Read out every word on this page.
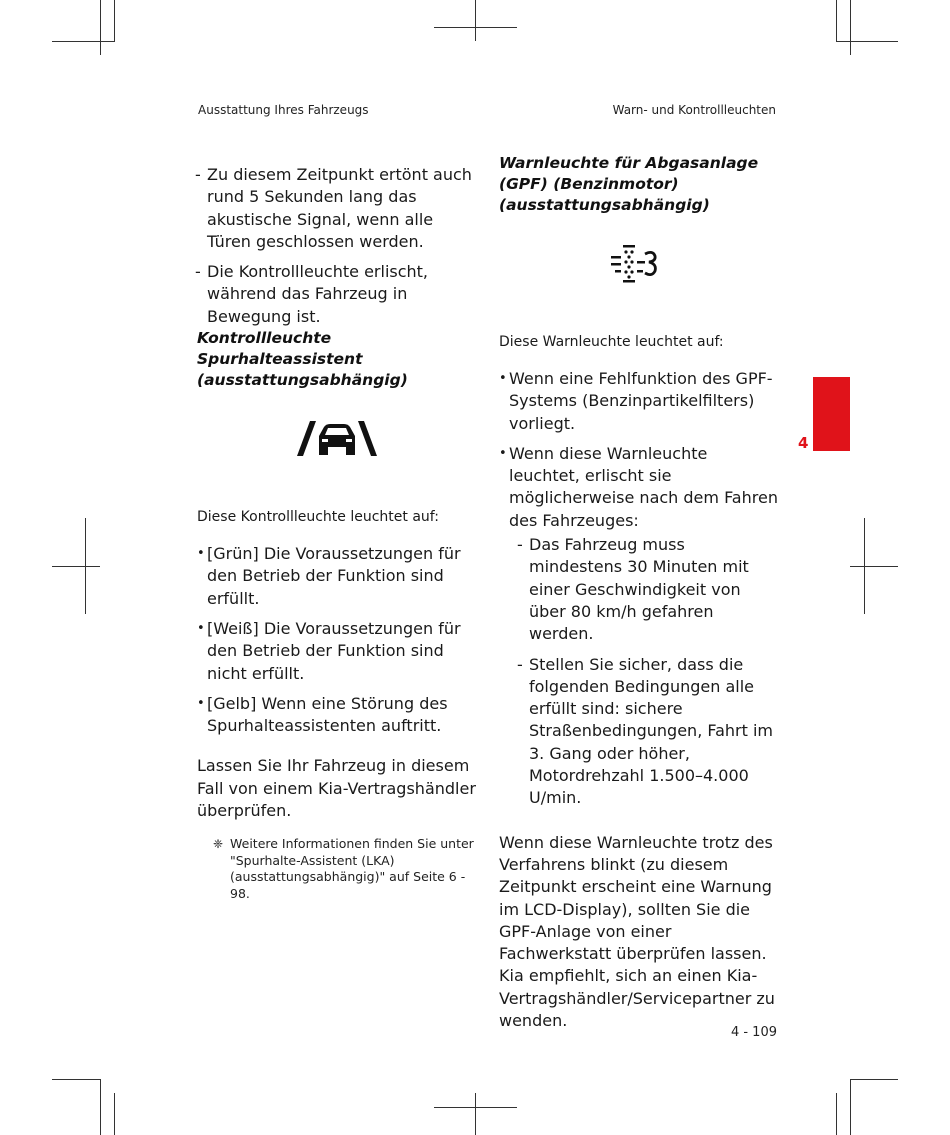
Ausstattung Ihres Fahrzeugs	Warn- und Kontrollleuchten
- Zu diesem Zeitpunkt ertönt auch rund 5 Sekunden lang das akustische Signal, wenn alle Türen geschlossen werden.
- Die Kontrollleuchte erlischt, während das Fahrzeug in Bewegung ist.
Kontrollleuchte
Spurhalteassistent
(ausstattungsabhängig)

Diese Kontrollleuchte leuchtet auf:

• [Grün] Die Voraussetzungen für den Betrieb der Funktion sind erfüllt.
• [Weiß] Die Voraussetzungen für den Betrieb der Funktion sind nicht erfüllt.
• [Gelb] Wenn eine Störung des Spurhalteassistenten auftritt.

Lassen Sie Ihr Fahrzeug in diesem Fall von einem Kia-Vertragshändler überprüfen.

❈ Weitere Informationen finden Sie unter "Spurhalte-Assistent (LKA) (ausstattungsabhängig)" auf Seite 6 - 98.
Warnleuchte für Abgasanlage
(GPF) (Benzinmotor)
(ausstattungsabhängig)

Diese Warnleuchte leuchtet auf:

• Wenn eine Fehlfunktion des GPF-Systems (Benzinpartikelfilters) vorliegt.
• Wenn diese Warnleuchte leuchtet, erlischt sie möglicherweise nach dem Fahren des Fahrzeuges:
- Das Fahrzeug muss mindestens 30 Minuten mit einer Geschwindigkeit von über 80 km/h gefahren werden.
- Stellen Sie sicher, dass die folgenden Bedingungen alle erfüllt sind: sichere Straßenbedingungen, Fahrt im 3. Gang oder höher, Motordrehzahl 1.500–4.000 U/min.

Wenn diese Warnleuchte trotz des Verfahrens blinkt (zu diesem Zeitpunkt erscheint eine Warnung im LCD-Display), sollten Sie die GPF-Anlage von einer Fachwerkstatt überprüfen lassen. Kia empfiehlt, sich an einen Kia-Vertragshändler/Servicepartner zu wenden.

4
4 - 109
